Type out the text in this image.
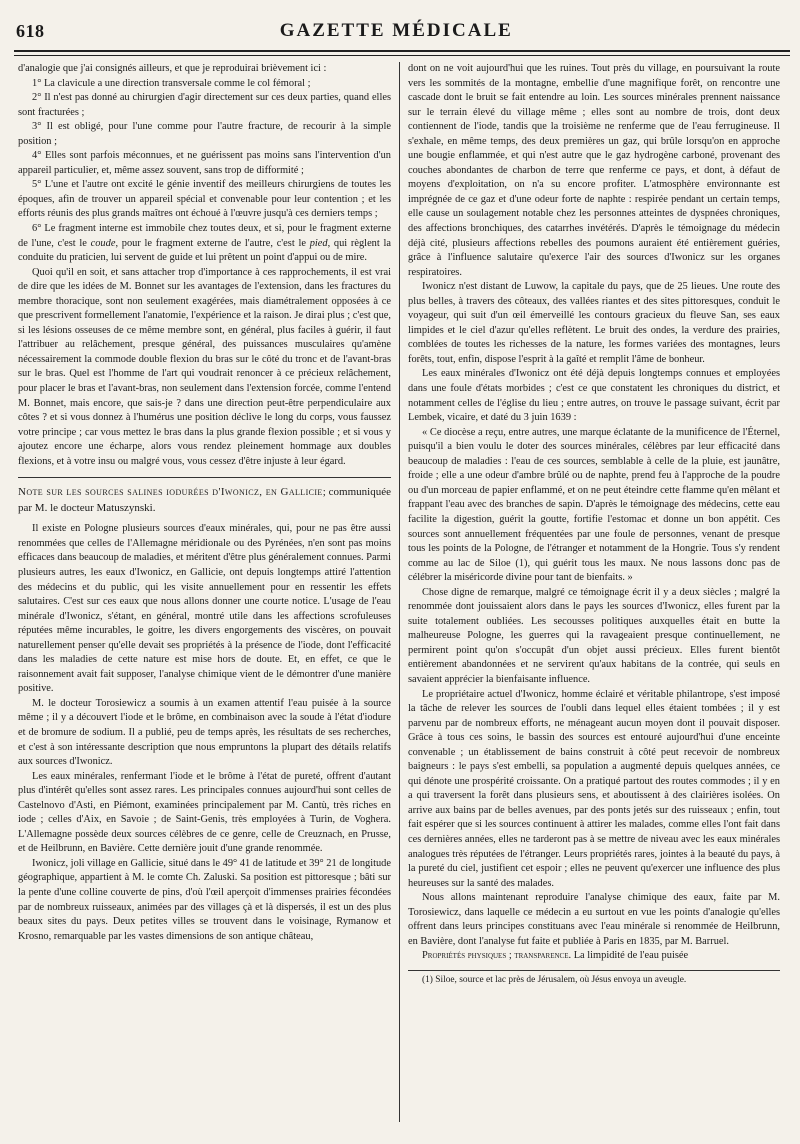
618	GAZETTE MÉDICALE

d'analogie que j'ai consignés ailleurs, et que je reproduirai brièvement ici :

1° La clavicule a une direction transversale comme le col fémoral ;

2° Il n'est pas donné au chirurgien d'agir directement sur ces deux parties, quand elles sont fracturées ;

3° Il est obligé, pour l'une comme pour l'autre fracture, de recourir à la simple position ;

4° Elles sont parfois méconnues, et ne guérissent pas moins sans l'intervention d'un appareil particulier, et, même assez souvent, sans trop de difformité ;

5° L'une et l'autre ont excité le génie inventif des meilleurs chirurgiens de toutes les époques, afin de trouver un appareil spécial et convenable pour leur contention ; et les efforts réunis des plus grands maîtres ont échoué à l'œuvre jusqu'à ces derniers temps ;

6° Le fragment interne est immobile chez toutes deux, et si, pour le fragment externe de l'une, c'est le coude, pour le fragment externe de l'autre, c'est le pied, qui règlent la conduite du praticien, lui servent de guide et lui prêtent un point d'appui ou de mire.

Quoi qu'il en soit, et sans attacher trop d'importance à ces rapprochements, il est vrai de dire que les idées de M. Bonnet sur les avantages de l'extension, dans les fractures du membre thoracique, sont non seulement exagérées, mais diamétralement opposées à ce que prescrivent formellement l'anatomie, l'expérience et la raison. Je dirai plus ; c'est que, si les lésions osseuses de ce même membre sont, en général, plus faciles à guérir, il faut l'attribuer au relâchement, presque général, des puissances musculaires qu'amène nécessairement la commode double flexion du bras sur le côté du tronc et de l'avant-bras sur le bras. Quel est l'homme de l'art qui voudrait renoncer à ce précieux relâchement, pour placer le bras et l'avant-bras, non seulement dans l'extension forcée, comme l'entend M. Bonnet, mais encore, que sais-je ? dans une direction peut-être perpendiculaire aux côtes ? et si vous donnez à l'humérus une position déclive le long du corps, vous faussez votre principe ; car vous mettez le bras dans la plus grande flexion possible ; et si vous y ajoutez encore une écharpe, alors vous rendez pleinement hommage aux doubles flexions, et à votre insu ou malgré vous, vous cessez d'être injuste à leur égard.

Note sur les sources salines iodurées d'Iwonicz, en Gallicie; communiquée par M. le docteur Matuszynski.

Il existe en Pologne plusieurs sources d'eaux minérales, qui, pour ne pas être aussi renommées que celles de l'Allemagne méridionale ou des Pyrénées, n'en sont pas moins efficaces dans beaucoup de maladies, et méritent d'être plus généralement connues. Parmi plusieurs autres, les eaux d'Iwonicz, en Gallicie, ont depuis longtemps attiré l'attention des médecins et du public, qui les visite annuellement pour en ressentir les effets salutaires. C'est sur ces eaux que nous allons donner une courte notice. L'usage de l'eau minérale d'Iwonicz, s'étant, en général, montré utile dans les affections scrofuleuses réputées même incurables, le goitre, les divers engorgements des viscères, on pouvait naturellement penser qu'elle devait ses propriétés à la présence de l'iode, dont l'efficacité dans les maladies de cette nature est mise hors de doute. Et, en effet, ce que le raisonnement avait fait supposer, l'analyse chimique vient de le démontrer d'une manière positive.

M. le docteur Torosiewicz a soumis à un examen attentif l'eau puisée à la source même ; il y a découvert l'iode et le brôme, en combinaison avec la soude à l'état d'iodure et de bromure de sodium. Il a publié, peu de temps après, les résultats de ses recherches, et c'est à son intéressante description que nous empruntons la plupart des détails relatifs aux sources d'Iwonicz.

Les eaux minérales, renfermant l'iode et le brôme à l'état de pureté, offrent d'autant plus d'intérêt qu'elles sont assez rares. Les principales connues aujourd'hui sont celles de Castelnovo d'Asti, en Piémont, examinées principalement par M. Cantù, très riches en iode ; celles d'Aix, en Savoie ; de Saint-Genis, très employées à Turin, de Voghera. L'Allemagne possède deux sources célèbres de ce genre, celle de Creuznach, en Prusse, et de Heilbrunn, en Bavière. Cette dernière jouit d'une grande renommée.

Iwonicz, joli village en Gallicie, situé dans le 49° 41 de latitude et 39° 21 de longitude géographique, appartient à M. le comte Ch. Zaluski. Sa position est pittoresque ; bâti sur la pente d'une colline couverte de pins, d'où l'œil aperçoit d'immenses prairies fécondées par de nombreux ruisseaux, animées par des villages çà et là dispersés, il est un des plus beaux sites du pays. Deux petites villes se trouvent dans le voisinage, Rymanow et Krosno, remarquable par les vastes dimensions de son antique château,

dont on ne voit aujourd'hui que les ruines. Tout près du village, en poursuivant la route vers les sommités de la montagne, embellie d'une magnifique forêt, on rencontre une cascade dont le bruit se fait entendre au loin. Les sources minérales prennent naissance sur le terrain élevé du village même ; elles sont au nombre de trois, dont deux contiennent de l'iode, tandis que la troisième ne renferme que de l'eau ferrugineuse. Il s'exhale, en même temps, des deux premières un gaz, qui brûle lorsqu'on en approche une bougie enflammée, et qui n'est autre que le gaz hydrogène carboné, provenant des couches abondantes de charbon de terre que renferme ce pays, et dont, à défaut de moyens d'exploitation, on n'a su encore profiter. L'atmosphère environnante est imprégnée de ce gaz et d'une odeur forte de naphte : respirée pendant un certain temps, elle cause un soulagement notable chez les personnes atteintes de dyspnées chroniques, des affections bronchiques, des catarrhes invétérés. D'après le témoignage du médecin déjà cité, plusieurs affections rebelles des poumons auraient été entièrement guéries, grâce à l'influence salutaire qu'exerce l'air des sources d'Iwonicz sur les organes respiratoires.

Iwonicz n'est distant de Luwow, la capitale du pays, que de 25 lieues. Une route des plus belles, à travers des côteaux, des vallées riantes et des sites pittoresques, conduit le voyageur, qui suit d'un œil émerveillé les contours gracieux du fleuve San, ses eaux limpides et le ciel d'azur qu'elles reflètent. Le bruit des ondes, la verdure des prairies, comblées de toutes les richesses de la nature, les formes variées des montagnes, leurs forêts, tout, enfin, dispose l'esprit à la gaîté et remplit l'âme de bonheur.

Les eaux minérales d'Iwonicz ont été déjà depuis longtemps connues et employées dans une foule d'états morbides ; c'est ce que constatent les chroniques du district, et notamment celles de l'église du lieu ; entre autres, on trouve le passage suivant, écrit par Lembek, vicaire, et daté du 3 juin 1639 :

« Ce diocèse a reçu, entre autres, une marque éclatante de la munificence de l'Éternel, puisqu'il a bien voulu le doter des sources minérales, célèbres par leur efficacité dans beaucoup de maladies : l'eau de ces sources, semblable à celle de la pluie, est jaunâtre, froide ; elle a une odeur d'ambre brûlé ou de naphte, prend feu à l'approche de la poudre ou d'un morceau de papier enflammé, et on ne peut éteindre cette flamme qu'en mêlant et frappant l'eau avec des branches de sapin. D'après le témoignage des médecins, cette eau facilite la digestion, guérit la goutte, fortifie l'estomac et donne un bon appétit. Ces sources sont annuellement fréquentées par une foule de personnes, venant de presque tous les points de la Pologne, de l'étranger et notamment de la Hongrie. Tous s'y rendent comme au lac de Siloe (1), qui guérit tous les maux. Ne nous lassons donc pas de célébrer la miséricorde divine pour tant de bienfaits. »

Chose digne de remarque, malgré ce témoignage écrit il y a deux siècles ; malgré la renommée dont jouissaient alors dans le pays les sources d'Iwonicz, elles furent par la suite totalement oubliées. Les secousses politiques auxquelles était en butte la malheureuse Pologne, les guerres qui la ravageaient presque continuellement, ne permirent point qu'on s'occupât d'un objet aussi précieux. Elles furent bientôt entièrement abandonnées et ne servirent qu'aux habitans de la contrée, qui seuls en savaient apprécier la bienfaisante influence.

Le propriétaire actuel d'Iwonicz, homme éclairé et véritable philantrope, s'est imposé la tâche de relever les sources de l'oubli dans lequel elles étaient tombées ; il y est parvenu par de nombreux efforts, ne ménageant aucun moyen dont il pouvait disposer. Grâce à tous ces soins, le bassin des sources est entouré aujourd'hui d'une enceinte convenable ; un établissement de bains construit à côté peut recevoir de nombreux baigneurs : le pays s'est embelli, sa population a augmenté depuis quelques années, ce qui dénote une prospérité croissante. On a pratiqué partout des routes commodes ; il y en a qui traversent la forêt dans plusieurs sens, et aboutissent à des clairières isolées. On arrive aux bains par de belles avenues, par des ponts jetés sur des ruisseaux ; enfin, tout fait espérer que si les sources continuent à attirer les malades, comme elles l'ont fait dans ces dernières années, elles ne tarderont pas à se mettre de niveau avec les eaux minérales analogues très réputées de l'étranger. Leurs propriétés rares, jointes à la beauté du pays, à la pureté du ciel, justifient cet espoir ; elles ne peuvent qu'exercer une influence des plus heureuses sur la santé des malades.

Nous allons maintenant reproduire l'analyse chimique des eaux, faite par M. Torosiewicz, dans laquelle ce médecin a eu surtout en vue les points d'analogie qu'elles offrent dans leurs principes constituans avec l'eau minérale si renommée de Heilbrunn, en Bavière, dont l'analyse fut faite et publiée à Paris en 1835, par M. Barruel.

Propriétés physiques ; transparence. La limpidité de l'eau puisée

(1) Siloe, source et lac près de Jérusalem, où Jésus envoya un aveugle.
